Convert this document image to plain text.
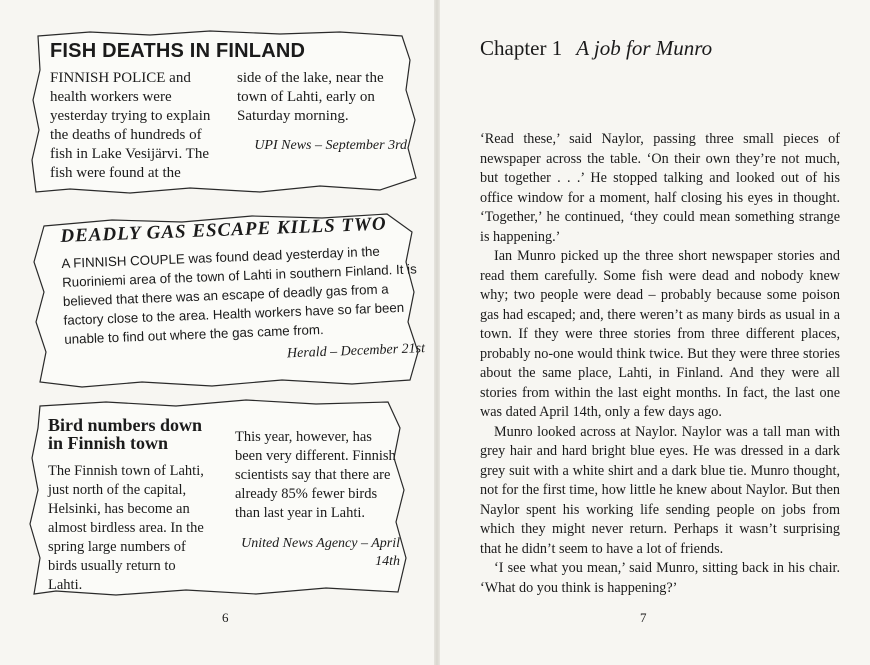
FISH DEATHS IN FINLAND
FINNISH POLICE and health workers were yesterday trying to explain the deaths of hundreds of fish in Lake Vesijärvi. The fish were found at the
side of the lake, near the town of Lahti, early on Saturday morning.
UPI News – September 3rd
DEADLY GAS ESCAPE KILLS TWO
A FINNISH COUPLE was found dead yesterday in the Ruoriniemi area of the town of Lahti in southern Finland. It is believed that there was an escape of deadly gas from a factory close to the area. Health workers have so far been unable to find out where the gas came from.
Herald – December 21st
Bird numbers down in Finnish town
The Finnish town of Lahti, just north of the capital, Helsinki, has become an almost birdless area. In the spring large numbers of birds usually return to Lahti.
This year, however, has been very different. Finnish scientists say that there are already 85% fewer birds than last year in Lahti.
United News Agency – April 14th
6
Chapter 1 A job for Munro

‘Read these,’ said Naylor, passing three small pieces of newspaper across the table. ‘On their own they’re not much, but together . . .’ He stopped talking and looked out of his office window for a moment, half closing his eyes in thought. ‘Together,’ he continued, ‘they could mean something strange is happening.’

Ian Munro picked up the three short newspaper stories and read them carefully. Some fish were dead and nobody knew why; two people were dead – probably because some poison gas had escaped; and, there weren’t as many birds as usual in a town. If they were three stories from three different places, probably no-one would think twice. But they were three stories about the same place, Lahti, in Finland. And they were all stories from within the last eight months. In fact, the last one was dated April 14th, only a few days ago.

Munro looked across at Naylor. Naylor was a tall man with grey hair and hard bright blue eyes. He was dressed in a dark grey suit with a white shirt and a dark blue tie. Munro thought, not for the first time, how little he knew about Naylor. But then Naylor spent his working life sending people on jobs from which they might never return. Perhaps it wasn’t surprising that he didn’t seem to have a lot of friends.

‘I see what you mean,’ said Munro, sitting back in his chair. ‘What do you think is happening?’

7
